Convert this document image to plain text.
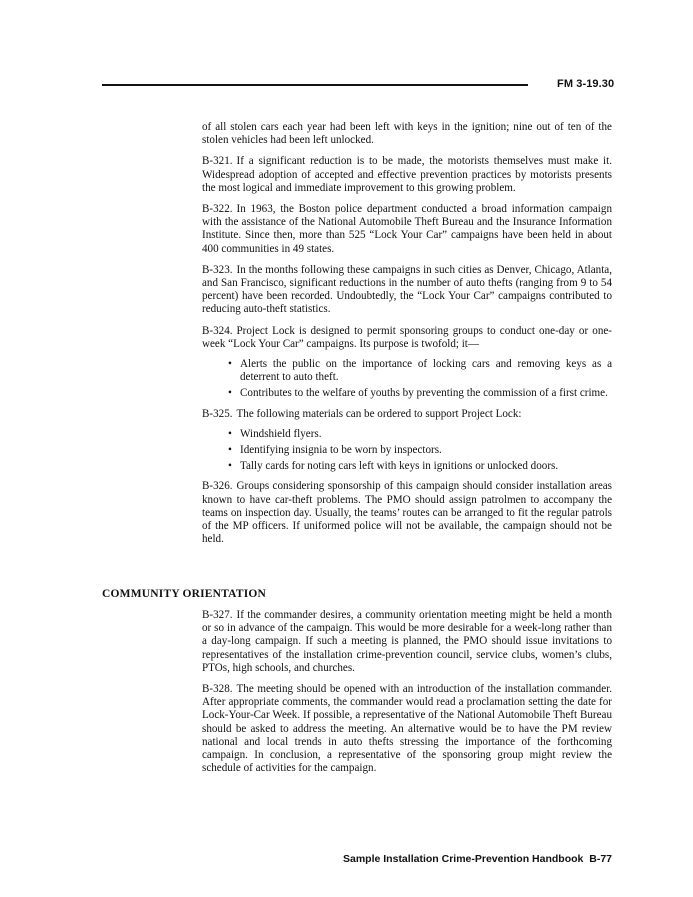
FM 3-19.30

of all stolen cars each year had been left with keys in the ignition; nine out of ten of the stolen vehicles had been left unlocked.

B-321. If a significant reduction is to be made, the motorists themselves must make it. Widespread adoption of accepted and effective prevention practices by motorists presents the most logical and immediate improvement to this growing problem.

B-322. In 1963, the Boston police department conducted a broad information campaign with the assistance of the National Automobile Theft Bureau and the Insurance Information Institute. Since then, more than 525 “Lock Your Car” campaigns have been held in about 400 communities in 49 states.

B-323. In the months following these campaigns in such cities as Denver, Chicago, Atlanta, and San Francisco, significant reductions in the number of auto thefts (ranging from 9 to 54 percent) have been recorded. Undoubtedly, the “Lock Your Car” campaigns contributed to reducing auto-theft statistics.

B-324. Project Lock is designed to permit sponsoring groups to conduct one-day or one-week “Lock Your Car” campaigns. Its purpose is twofold; it—

• Alerts the public on the importance of locking cars and removing keys as a deterrent to auto theft.
• Contributes to the welfare of youths by preventing the commission of a first crime.

B-325. The following materials can be ordered to support Project Lock:

• Windshield flyers.
• Identifying insignia to be worn by inspectors.
• Tally cards for noting cars left with keys in ignitions or unlocked doors.

B-326. Groups considering sponsorship of this campaign should consider installation areas known to have car-theft problems. The PMO should assign patrolmen to accompany the teams on inspection day. Usually, the teams’ routes can be arranged to fit the regular patrols of the MP officers. If uniformed police will not be available, the campaign should not be held.

COMMUNITY ORIENTATION

B-327. If the commander desires, a community orientation meeting might be held a month or so in advance of the campaign. This would be more desirable for a week-long rather than a day-long campaign. If such a meeting is planned, the PMO should issue invitations to representatives of the installation crime-prevention council, service clubs, women’s clubs, PTOs, high schools, and churches.

B-328. The meeting should be opened with an introduction of the installation commander. After appropriate comments, the commander would read a proclamation setting the date for Lock-Your-Car Week. If possible, a representative of the National Automobile Theft Bureau should be asked to address the meeting. An alternative would be to have the PM review national and local trends in auto thefts stressing the importance of the forthcoming campaign. In conclusion, a representative of the sponsoring group might review the schedule of activities for the campaign.

Sample Installation Crime-Prevention Handbook B-77
